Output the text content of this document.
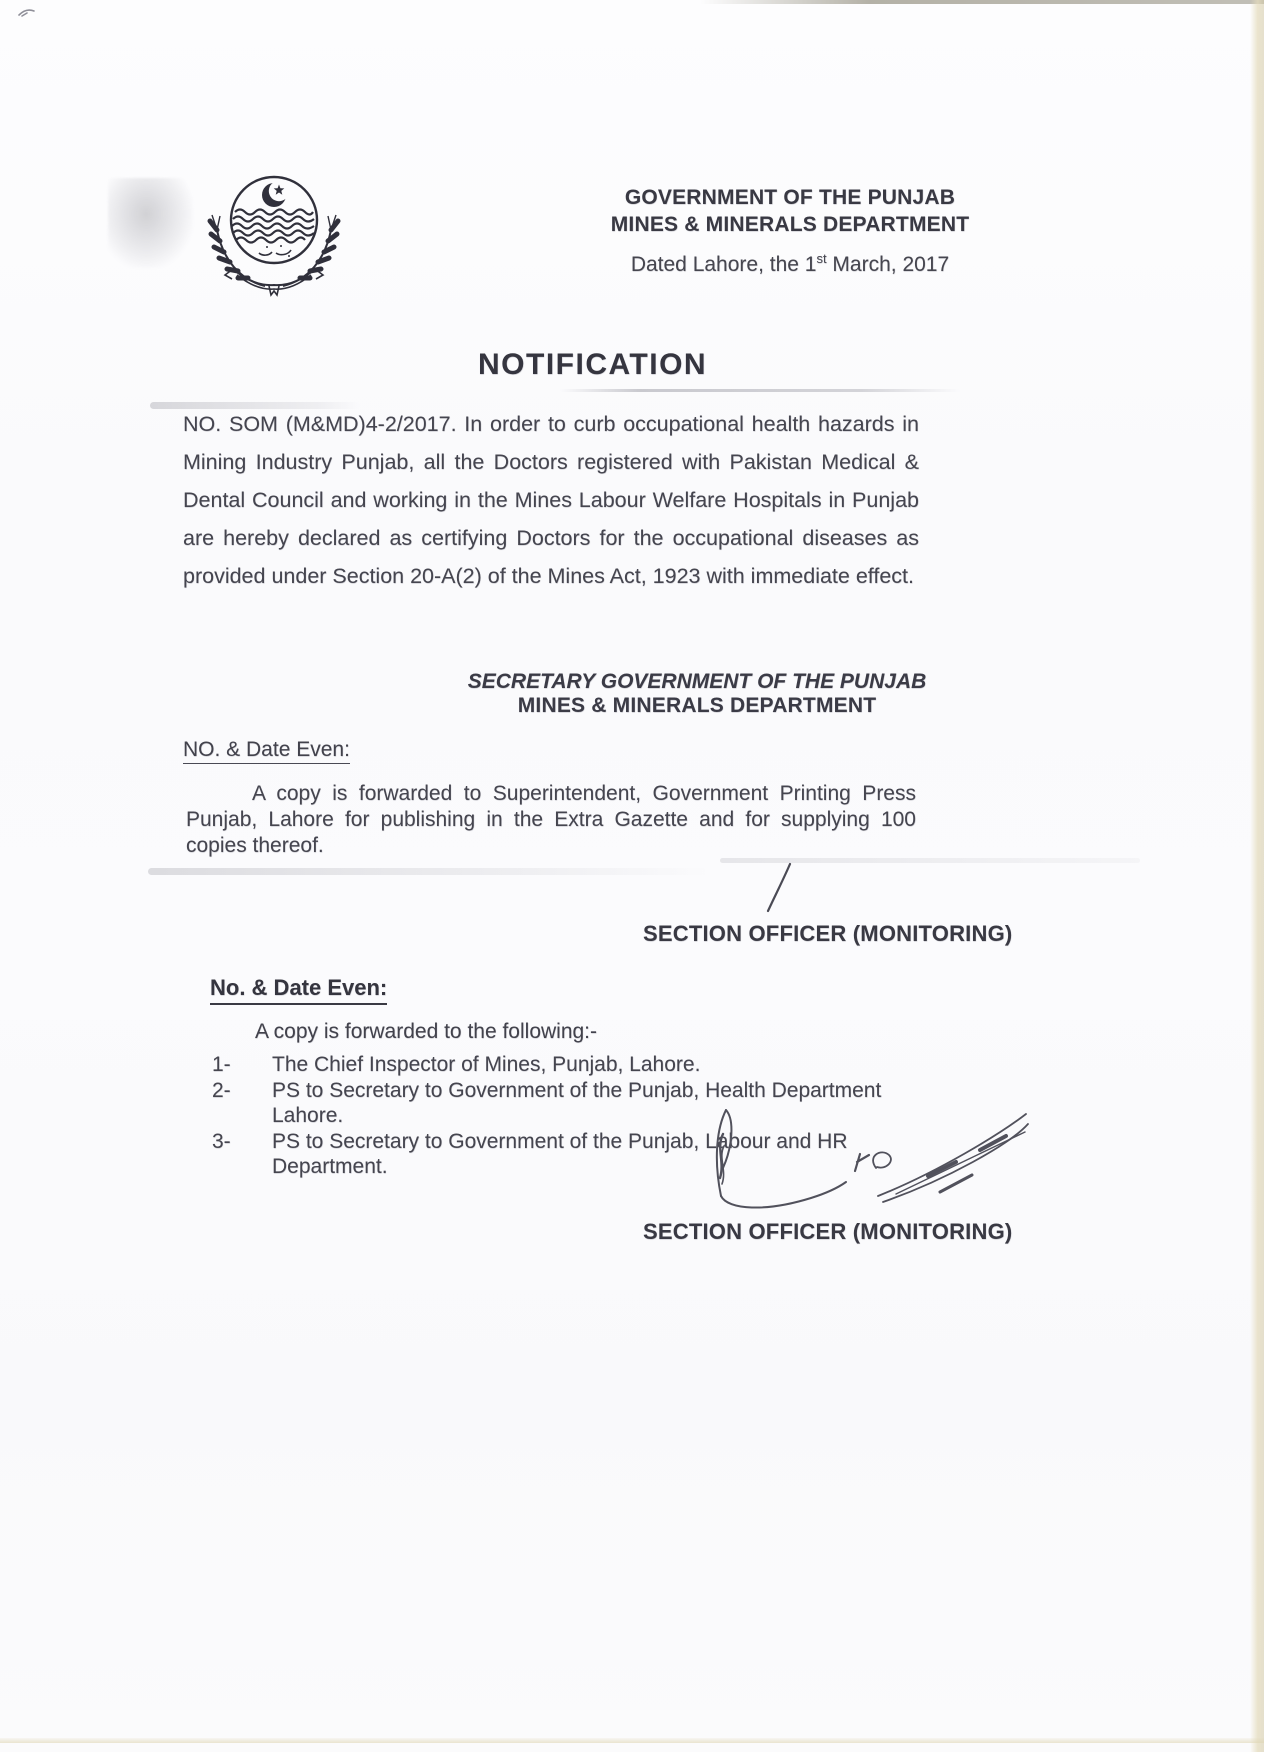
GOVERNMENT OF THE PUNJAB
MINES & MINERALS DEPARTMENT
Dated Lahore, the 1st March, 2017
NOTIFICATION
NO. SOM (M&MD)4-2/2017. In order to curb occupational health hazards in Mining Industry Punjab, all the Doctors registered with Pakistan Medical & Dental Council and working in the Mines Labour Welfare Hospitals in Punjab are hereby declared as certifying Doctors for the occupational diseases as provided under Section 20-A(2) of the Mines Act, 1923 with immediate effect.
SECRETARY GOVERNMENT OF THE PUNJAB
MINES & MINERALS DEPARTMENT
NO. & Date Even:
A copy is forwarded to Superintendent, Government Printing Press Punjab, Lahore for publishing in the Extra Gazette and for supplying 100 copies thereof.
SECTION OFFICER (MONITORING)
No. & Date Even:
A copy is forwarded to the following:-
1-	The Chief Inspector of Mines, Punjab, Lahore.
2-	PS to Secretary to Government of the Punjab, Health Department Lahore.
3-	PS to Secretary to Government of the Punjab, Labour and HR Department.
SECTION OFFICER (MONITORING)
